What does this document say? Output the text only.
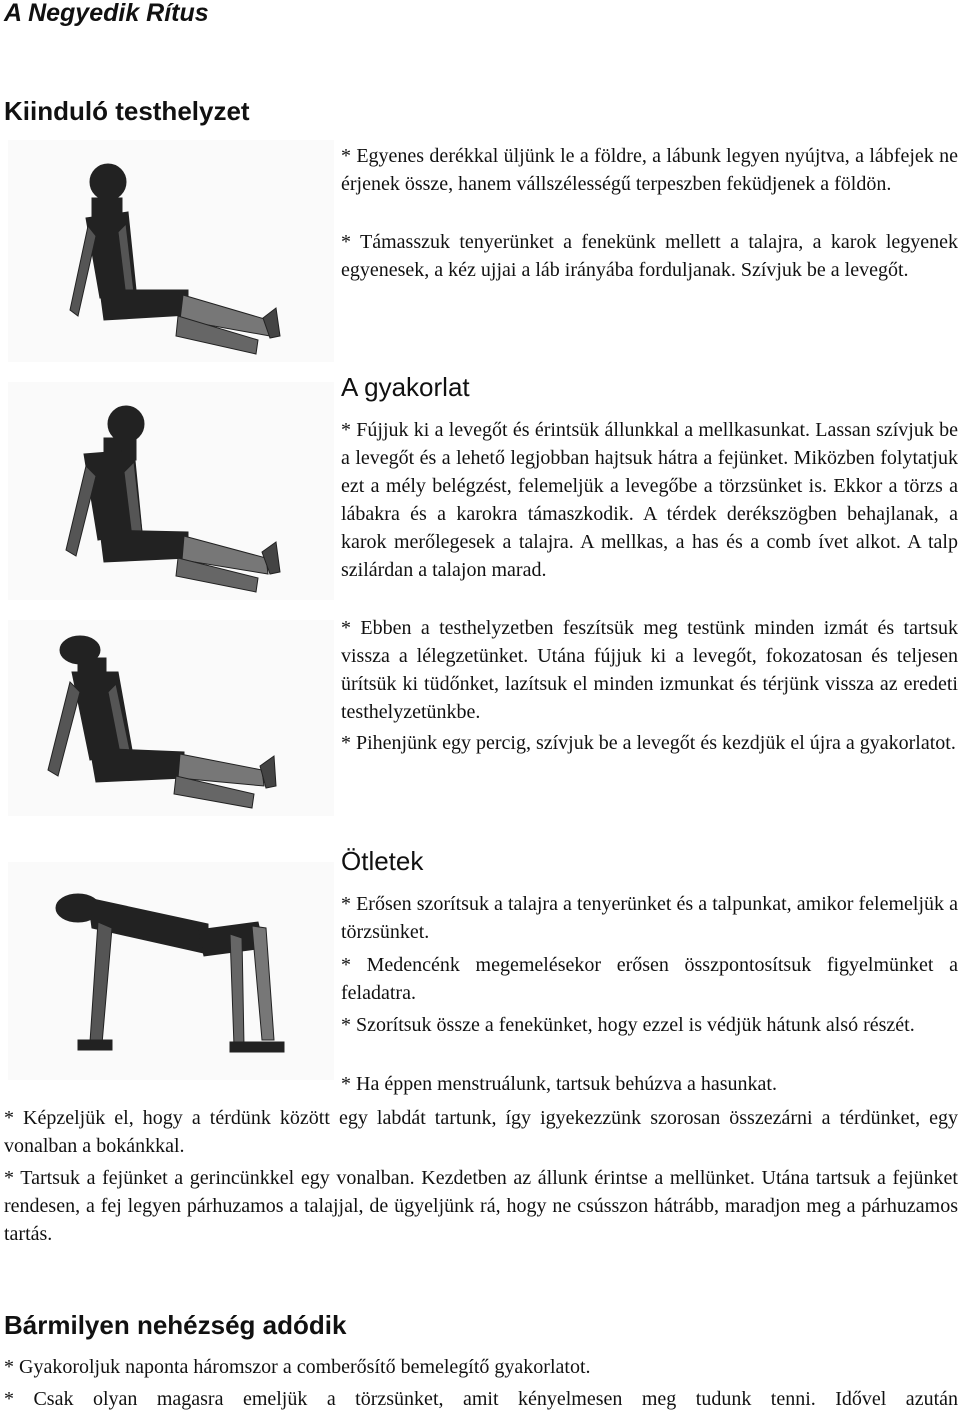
A Negyedik Rítus
Kiinduló testhelyzet
* Egyenes derékkal üljünk le a földre, a lábunk legyen nyújtva, a lábfejek ne érjenek össze, hanem vállszélességű terpeszben feküdjenek a földön.
* Támasszuk tenyerünket a fenekünk mellett a talajra, a karok legyenek egyenesek, a kéz ujjai a láb irányába forduljanak. Szívjuk be a levegőt.
A gyakorlat
* Fújjuk ki a levegőt és érintsük állunkkal a mellkasunkat. Lassan szívjuk be a levegőt és a lehető legjobban hajtsuk hátra a fejünket. Miközben folytatjuk ezt a mély belégzést, felemeljük a levegőbe a törzsünket is. Ekkor a törzs a lábakra és a karokra támaszkodik. A térdek derékszögben behajlanak, a karok merőlegesek a talajra. A mellkas, a has és a comb ívet alkot. A talp szilárdan a talajon marad.
* Ebben a testhelyzetben feszítsük meg testünk minden izmát és tartsuk vissza a lélegzetünket. Utána fújjuk ki a levegőt, fokozatosan és teljesen ürítsük ki tüdőnket, lazítsuk el minden izmunkat és térjünk vissza az eredeti testhelyzetünkbe.
* Pihenjünk egy percig, szívjuk be a levegőt és kezdjük el újra a gyakorlatot.
Ötletek
* Erősen szorítsuk a talajra a tenyerünket és a talpunkat, amikor felemeljük a törzsünket.
* Medencénk megemelésekor erősen összpontosítsuk figyelmünket a feladatra.
* Szorítsuk össze a fenekünket, hogy ezzel is védjük hátunk alsó részét.
* Ha éppen menstruálunk, tartsuk behúzva a hasunkat.
* Képzeljük el, hogy a térdünk között egy labdát tartunk, így igyekezzünk szorosan összezárni a térdünket, egy vonalban a bokánkkal.
* Tartsuk a fejünket a gerincünkkel egy vonalban. Kezdetben az állunk érintse a mellünket. Utána tartsuk a fejünket rendesen, a fej legyen párhuzamos a talajjal, de ügyeljünk rá, hogy ne csússzon hátrább, maradjon meg a párhuzamos tartás.
Bármilyen nehézség adódik
* Gyakoroljuk naponta háromszor a comberősítő bemelegítő gyakorlatot.
* Csak olyan magasra emeljük a törzsünket, amit kényelmesen meg tudunk tenni. Idővel azután
